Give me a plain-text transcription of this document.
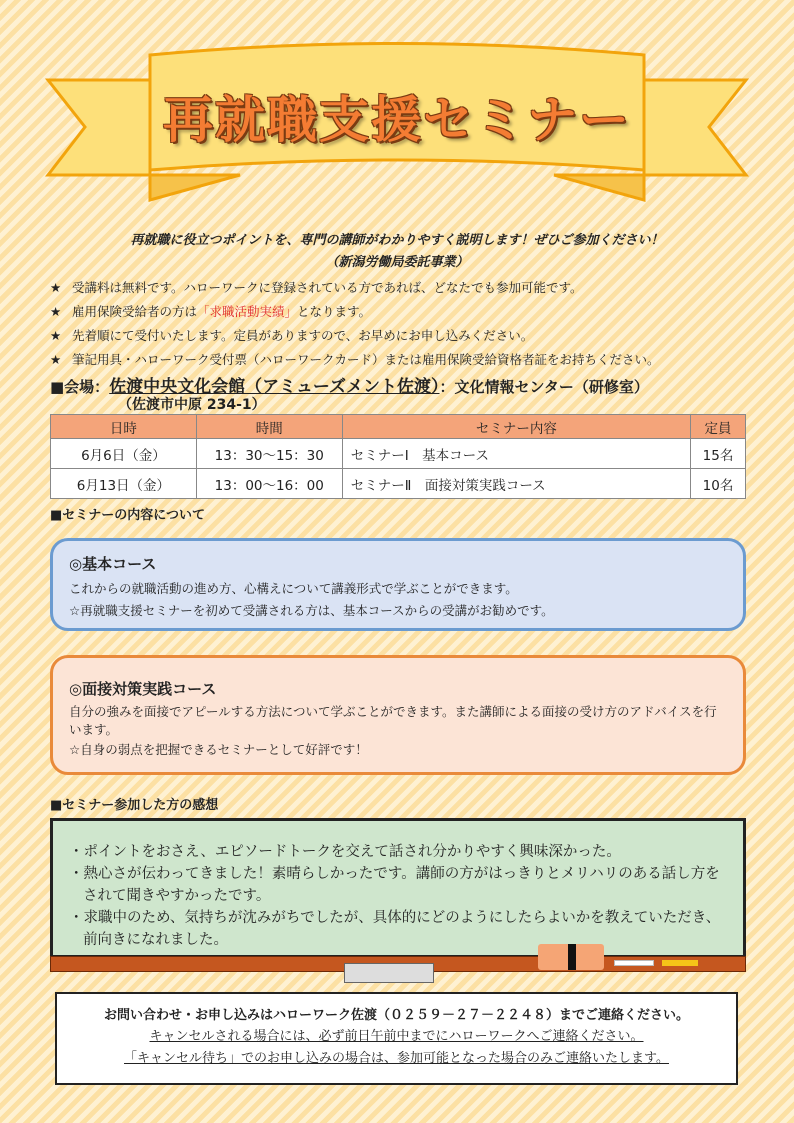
再就職支援セミナー
再就職に役立つポイントを、専門の講師がわかりやすく説明します！ぜひご参加ください！
（新潟労働局委託事業）
★ 受講料は無料です。ハローワークに登録されている方であれば、どなたでも参加可能です。
★ 雇用保険受給者の方は「求職活動実績」となります。
★ 先着順にて受付いたします。定員がありますので、お早めにお申し込みください。
★ 筆記用具・ハローワーク受付票（ハローワークカード）または雇用保険受給資格者証をお持ちください。
■会場：佐渡中央文化会館（アミューズメント佐渡）：文化情報センター（研修室）
（佐渡市中原 234-1）
日時	時間	セミナー内容	定員
6月6日（金）	13：30〜15：30	セミナーⅠ　基本コース	15名
6月13日（金）	13：00〜16：00	セミナーⅡ　面接対策実践コース	10名
■セミナーの内容について
◎基本コース

これからの就職活動の進め方、心構えについて講義形式で学ぶことができます。

☆再就職支援セミナーを初めて受講される方は、基本コースからの受講がお勧めです。

◎面接対策実践コース

自分の強みを面接でアピールする方法について学ぶことができます。また講師による面接の受け方のアドバイスを行います。

☆自身の弱点を把握できるセミナーとして好評です！

■セミナー参加した方の感想
・ポイントをおさえ、エピソードトークを交えて話され分かりやすく興味深かった。
・熱心さが伝わってきました！素晴らしかったです。講師の方がはっきりとメリハリのある話し方をされて聞きやすかったです。
・求職中のため、気持ちが沈みがちでしたが、具体的にどのようにしたらよいかを教えていただき、前向きになれました。
お問い合わせ・お申し込みはハローワーク佐渡（０２５９－２７－２２４８）までご連絡ください。
キャンセルされる場合には、必ず前日午前中までにハローワークへご連絡ください。
「キャンセル待ち」でのお申し込みの場合は、参加可能となった場合のみご連絡いたします。
